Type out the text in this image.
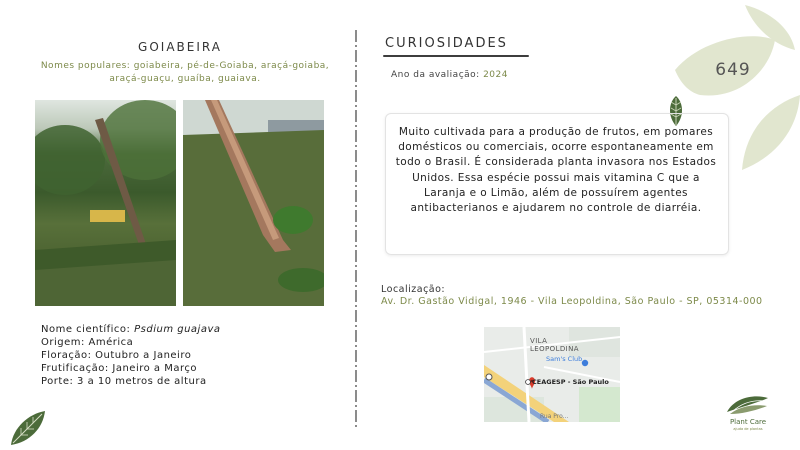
649
GOIABEIRA
Nomes populares: goiabeira, pé-de-Goiaba, araçá-goiaba, araçá-guaçu, guaíba, guaiava.
Nome científico: Psdium guajava
Origem: América
Floração: Outubro a Janeiro
Frutificação: Janeiro a Março
Porte: 3 a 10 metros de altura
CURIOSIDADES
Ano da avaliação: 2024
Muito cultivada para a produção de frutos, em pomares domésticos ou comerciais, ocorre espontaneamente em todo o Brasil. É considerada planta invasora nos Estados Unidos. Essa espécie possui mais vitamina C que a Laranja e o Limão, além de possuírem agentes antibacterianos e ajudarem no controle de diarréia.
Localização:
Av. Dr. Gastão Vidigal, 1946 - Vila Leopoldina, São Paulo - SP, 05314-000
VILA
LEOPOLDINA
Sam's Club
CEAGESP - São Paulo
Rua Pro...
Plant Care
ajuda de plantas
